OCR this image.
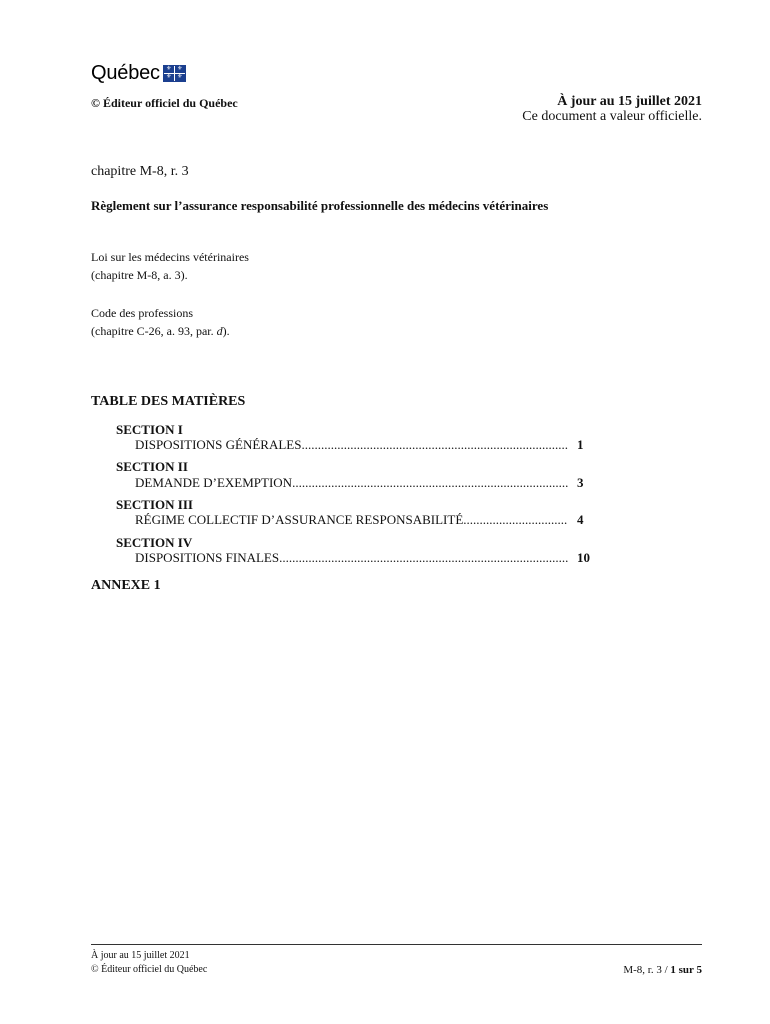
Québec	⚜ ⚜
⚜ ⚜
© Éditeur officiel du Québec	À jour au 15 juillet 2021
Ce document a valeur officielle.
chapitre M-8, r. 3
Règlement sur l’assurance responsabilité professionnelle des médecins vétérinaires
Loi sur les médecins vétérinaires
(chapitre M-8, a. 3).
Code des professions
(chapitre C-26, a. 93, par. d).
TABLE DES MATIÈRES
SECTION I
DISPOSITIONS GÉNÉRALES .....	1
SECTION II
DEMANDE D’EXEMPTION .....	3
SECTION III
RÉGIME COLLECTIF D’ASSURANCE RESPONSABILITÉ .....	4
SECTION IV
DISPOSITIONS FINALES .....	10
ANNEXE 1
À jour au 15 juillet 2021
© Éditeur officiel du Québec	M-8, r. 3 / 1 sur 5
